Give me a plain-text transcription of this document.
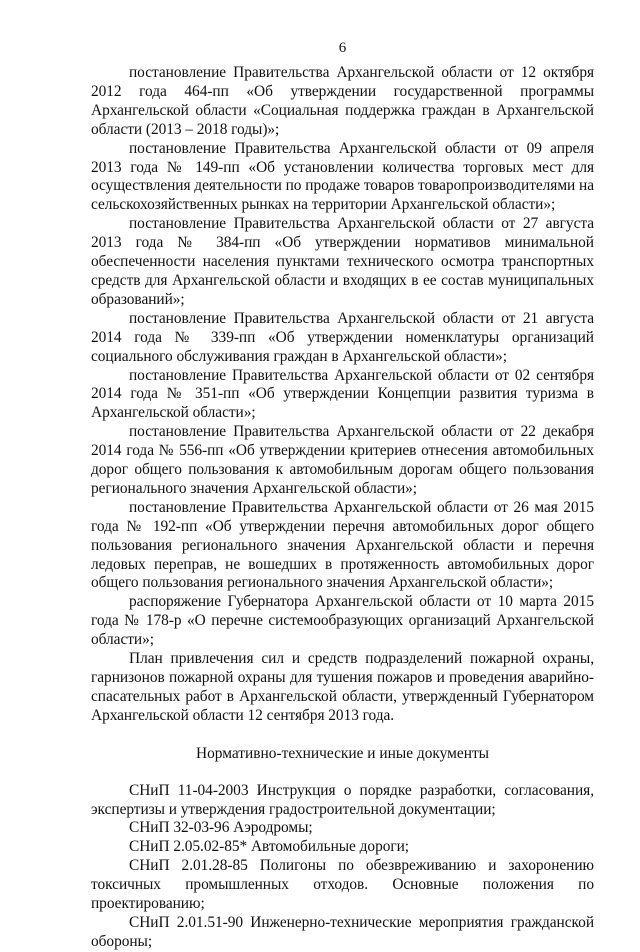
6

постановление Правительства Архангельской области от 12 октября 2012 года 464-пп «Об утверждении государственной программы Архангельской области «Социальная поддержка граждан в Архангельской области (2013 – 2018 годы)»;

постановление Правительства Архангельской области от 09 апреля 2013 года № 149-пп «Об установлении количества торговых мест для осуществления деятельности по продаже товаров товаропроизводителями на сельскохозяйственных рынках на территории Архангельской области»;

постановление Правительства Архангельской области от 27 августа 2013 года № 384-пп «Об утверждении нормативов минимальной обеспеченности населения пунктами технического осмотра транспортных средств для Архангельской области и входящих в ее состав муниципальных образований»;

постановление Правительства Архангельской области от 21 августа 2014 года № 339-пп «Об утверждении номенклатуры организаций социального обслуживания граждан в Архангельской области»;

постановление Правительства Архангельской области от 02 сентября 2014 года № 351-пп «Об утверждении Концепции развития туризма в Архангельской области»;

постановление Правительства Архангельской области от 22 декабря 2014 года № 556-пп «Об утверждении критериев отнесения автомобильных дорог общего пользования к автомобильным дорогам общего пользования регионального значения Архангельской области»;

постановление Правительства Архангельской области от 26 мая 2015 года № 192-пп «Об утверждении перечня автомобильных дорог общего пользования регионального значения Архангельской области и перечня ледовых переправ, не вошедших в протяженность автомобильных дорог общего пользования регионального значения Архангельской области»;

распоряжение Губернатора Архангельской области от 10 марта 2015 года № 178-р «О перечне системообразующих организаций Архангельской области»;

План привлечения сил и средств подразделений пожарной охраны, гарнизонов пожарной охраны для тушения пожаров и проведения аварийно-спасательных работ в Архангельской области, утвержденный Губернатором Архангельской области 12 сентября 2013 года.

Нормативно-технические и иные документы

СНиП 11-04-2003 Инструкция о порядке разработки, согласования, экспертизы и утверждения градостроительной документации;

СНиП 32-03-96 Аэродромы;

СНиП 2.05.02-85* Автомобильные дороги;

СНиП 2.01.28-85 Полигоны по обезвреживанию и захоронению токсичных промышленных отходов. Основные положения по проектированию;

СНиП 2.01.51-90 Инженерно-технические мероприятия гражданской обороны;
